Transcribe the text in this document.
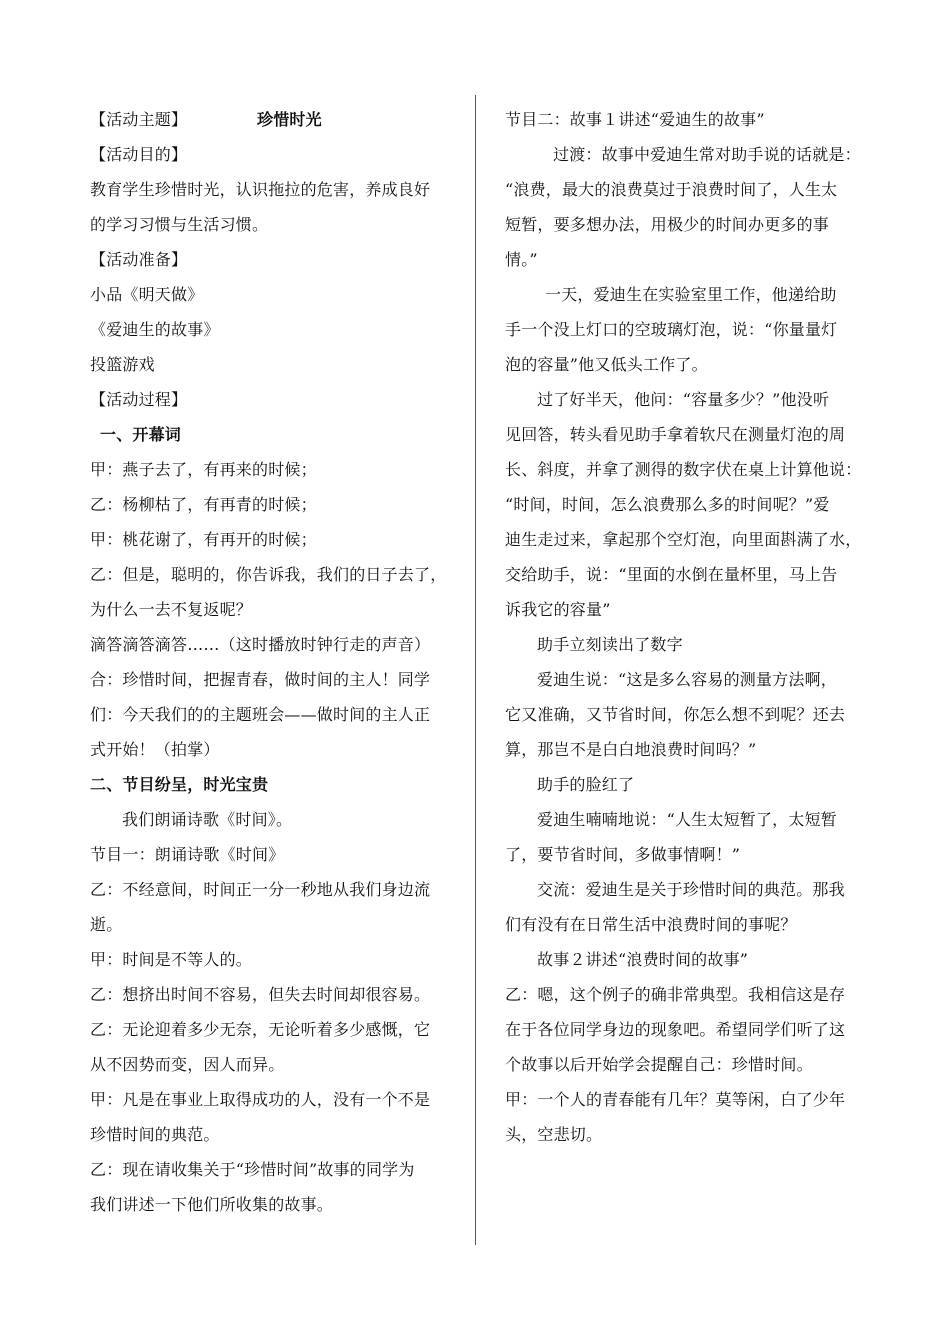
【活动主题】	珍惜时光
【活动目的】
教育学生珍惜时光，认识拖拉的危害，养成良好
的学习习惯与生活习惯。
【活动准备】
小品《明天做》
《爱迪生的故事》
投篮游戏
【活动过程】
一、开幕词
甲：燕子去了，有再来的时候；
乙：杨柳枯了，有再青的时候；
甲：桃花谢了，有再开的时候；
乙：但是，聪明的，你告诉我，我们的日子去了，
为什么一去不复返呢？
滴答滴答滴答……（这时播放时钟行走的声音）
合：珍惜时间，把握青春，做时间的主人！同学
们：今天我们的的主题班会——做时间的主人正
式开始！（拍掌）
二、节目纷呈，时光宝贵
我们朗诵诗歌《时间》。
节目一：朗诵诗歌《时间》
乙：不经意间，时间正一分一秒地从我们身边流
逝。
甲：时间是不等人的。
乙：想挤出时间不容易，但失去时间却很容易。
乙：无论迎着多少无奈，无论听着多少感慨，它
从不因势而变，因人而异。
甲：凡是在事业上取得成功的人，没有一个不是
珍惜时间的典范。
乙：现在请收集关于“珍惜时间”故事的同学为
我们讲述一下他们所收集的故事。
节目二：故事１讲述“爱迪生的故事”
过渡：故事中爱迪生常对助手说的话就是：
“浪费，最大的浪费莫过于浪费时间了，人生太
短暂，要多想办法，用极少的时间办更多的事
情。”
一天，爱迪生在实验室里工作，他递给助
手一个没上灯口的空玻璃灯泡，说：“你量量灯
泡的容量”他又低头工作了。
过了好半天，他问：“容量多少？”他没听
见回答，转头看见助手拿着软尺在测量灯泡的周
长、斜度，并拿了测得的数字伏在桌上计算他说：
“时间，时间，怎么浪费那么多的时间呢？”爱
迪生走过来，拿起那个空灯泡，向里面斟满了水，
交给助手，说：“里面的水倒在量杯里，马上告
诉我它的容量”
助手立刻读出了数字
爱迪生说：“这是多么容易的测量方法啊，
它又准确，又节省时间，你怎么想不到呢？还去
算，那岂不是白白地浪费时间吗？”
助手的脸红了
爱迪生喃喃地说：“人生太短暂了，太短暂
了，要节省时间，多做事情啊！”
交流：爱迪生是关于珍惜时间的典范。那我
们有没有在日常生活中浪费时间的事呢？
故事２讲述“浪费时间的故事”
乙：嗯，这个例子的确非常典型。我相信这是存
在于各位同学身边的现象吧。希望同学们听了这
个故事以后开始学会提醒自己：珍惜时间。
甲：一个人的青春能有几年？莫等闲，白了少年
头，空悲切。
